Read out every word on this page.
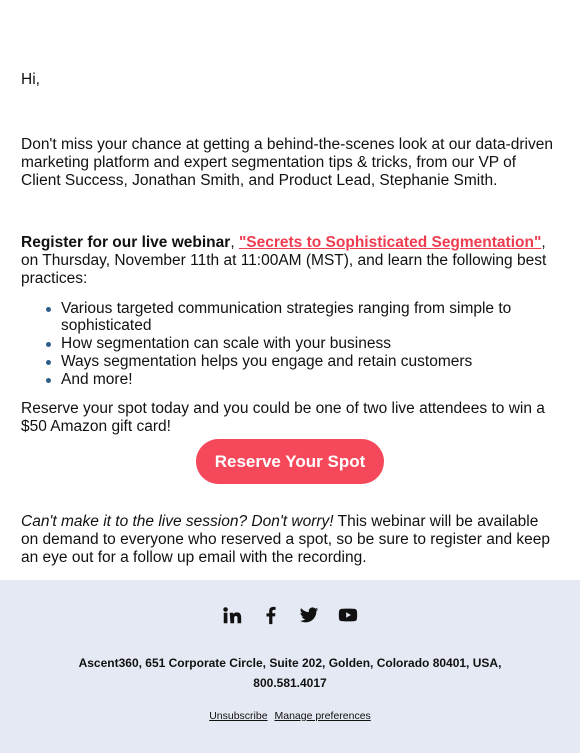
Hi,

Don't miss your chance at getting a behind-the-scenes look at our data-driven marketing platform and expert segmentation tips & tricks, from our VP of Client Success, Jonathan Smith, and Product Lead, Stephanie Smith.

Register for our live webinar, "Secrets to Sophisticated Segmentation", on Thursday, November 11th at 11:00AM (MST), and learn the following best practices:

Various targeted communication strategies ranging from simple to sophisticated
How segmentation can scale with your business
Ways segmentation helps you engage and retain customers
And more!

Reserve your spot today and you could be one of two live attendees to win a $50 Amazon gift card!

Reserve Your Spot

Can't make it to the live session? Don't worry! This webinar will be available on demand to everyone who reserved a spot, so be sure to register and keep an eye out for a follow up email with the recording.

Ascent360, 651 Corporate Circle, Suite 202, Golden, Colorado 80401, USA,
800.581.4017
Unsubscribe Manage preferences
